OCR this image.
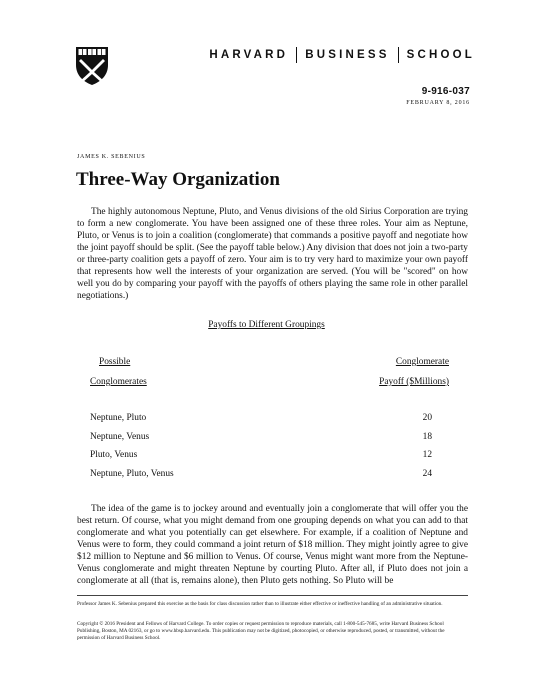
HARVARD BUSINESS SCHOOL
9-916-037
FEBRUARY 8, 2016
JAMES K. SEBENIUS
Three-Way Organization

The highly autonomous Neptune, Pluto, and Venus divisions of the old Sirius Corporation are trying to form a new conglomerate. You have been assigned one of these three roles. Your aim as Neptune, Pluto, or Venus is to join a coalition (conglomerate) that commands a positive payoff and negotiate how the joint payoff should be split. (See the payoff table below.) Any division that does not join a two-party or three-party coalition gets a payoff of zero. Your aim is to try very hard to maximize your own payoff that represents how well the interests of your organization are served. (You will be "scored" on how well you do by comparing your payoff with the payoffs of others playing the same role in other parallel negotiations.)

Payoffs to Different Groupings
Possible
Conglomerates
Conglomerate
Payoff ($Millions)
Neptune, Pluto	20
Neptune, Venus	18
Pluto, Venus	12
Neptune, Pluto, Venus	24

The idea of the game is to jockey around and eventually join a conglomerate that will offer you the best return. Of course, what you might demand from one grouping depends on what you can add to that conglomerate and what you potentially can get elsewhere. For example, if a coalition of Neptune and Venus were to form, they could command a joint return of $18 million. They might jointly agree to give $12 million to Neptune and $6 million to Venus. Of course, Venus might want more from the Neptune-Venus conglomerate and might threaten Neptune by courting Pluto. After all, if Pluto does not join a conglomerate at all (that is, remains alone), then Pluto gets nothing. So Pluto will be

Professor James K. Sebenius prepared this exercise as the basis for class discussion rather than to illustrate either effective or ineffective handling of an administrative situation.

Copyright © 2016 President and Fellows of Harvard College. To order copies or request permission to reproduce materials, call 1-800-545-7685, write Harvard Business School Publishing, Boston, MA 02163, or go to www.hbsp.harvard.edu. This publication may not be digitized, photocopied, or otherwise reproduced, posted, or transmitted, without the permission of Harvard Business School.
